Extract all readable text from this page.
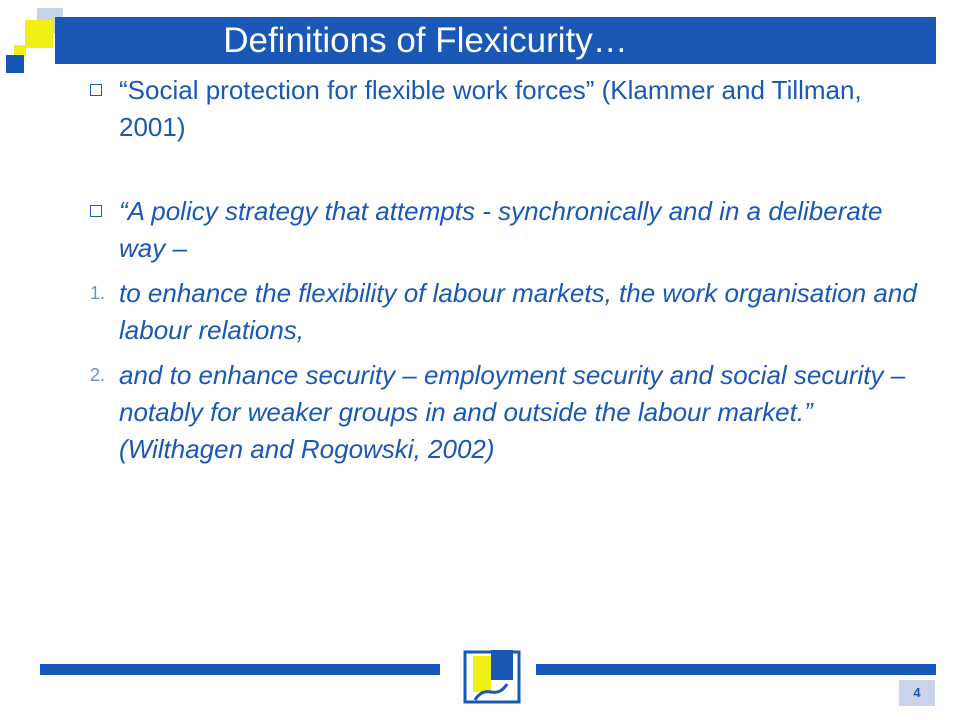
Definitions of Flexicurity…
“Social protection for flexible work forces” (Klammer and Tillman, 2001)
“A policy strategy that attempts - synchronically and in a deliberate way –
1. to enhance the flexibility of labour markets, the work organisation and labour relations,
2. and to enhance security – employment security and social security – notably for weaker groups in and outside the labour market.” (Wilthagen and Rogowski, 2002)
4
